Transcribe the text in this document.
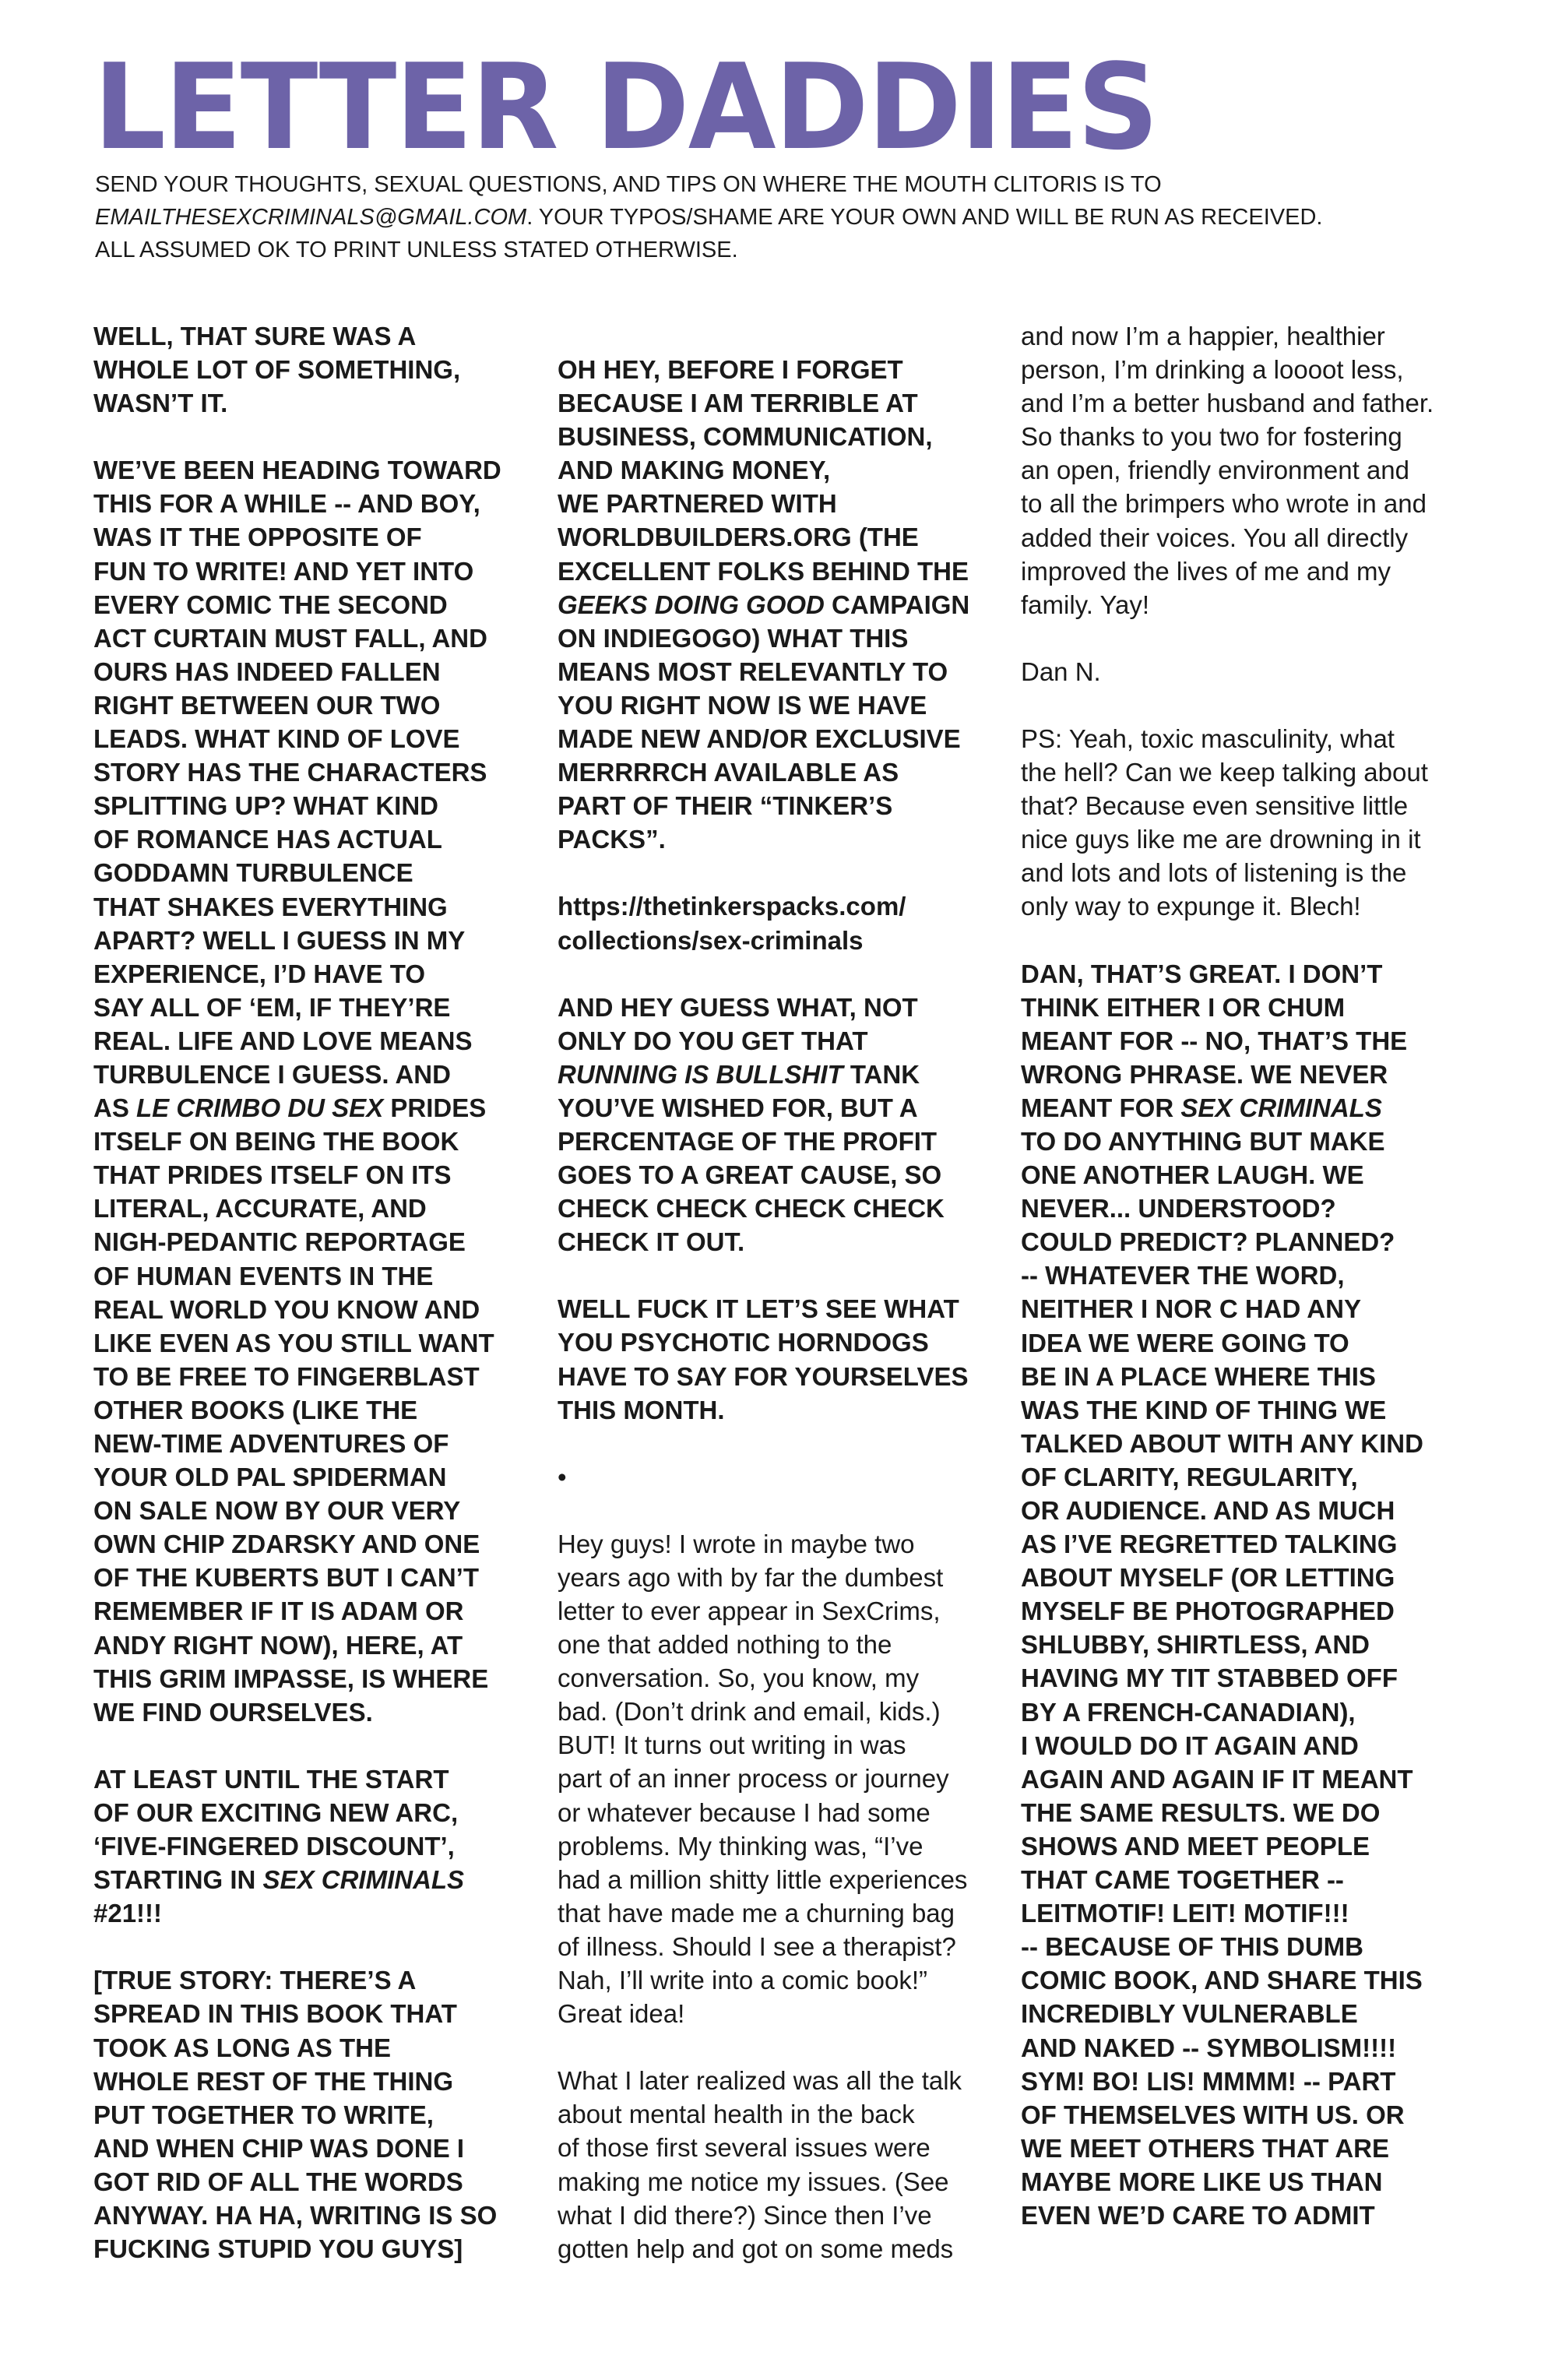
LETTER DADDIES
SEND YOUR THOUGHTS, SEXUAL QUESTIONS, AND TIPS ON WHERE THE MOUTH CLITORIS IS TO
EMAILTHESEXCRIMINALS@GMAIL.COM. YOUR TYPOS/SHAME ARE YOUR OWN AND WILL BE RUN AS RECEIVED.
ALL ASSUMED OK TO PRINT UNLESS STATED OTHERWISE.
WELL, THAT SURE WAS A
WHOLE LOT OF SOMETHING,
WASN’T IT.
WE’VE BEEN HEADING TOWARD
THIS FOR A WHILE -- AND BOY,
WAS IT THE OPPOSITE OF
FUN TO WRITE! AND YET INTO
EVERY COMIC THE SECOND
ACT CURTAIN MUST FALL, AND
OURS HAS INDEED FALLEN
RIGHT BETWEEN OUR TWO
LEADS. WHAT KIND OF LOVE
STORY HAS THE CHARACTERS
SPLITTING UP? WHAT KIND
OF ROMANCE HAS ACTUAL
GODDAMN TURBULENCE
THAT SHAKES EVERYTHING
APART? WELL I GUESS IN MY
EXPERIENCE, I’D HAVE TO
SAY ALL OF ‘EM, IF THEY’RE
REAL. LIFE AND LOVE MEANS
TURBULENCE I GUESS. AND
AS LE CRIMBO DU SEX PRIDES
ITSELF ON BEING THE BOOK
THAT PRIDES ITSELF ON ITS
LITERAL, ACCURATE, AND
NIGH-PEDANTIC REPORTAGE
OF HUMAN EVENTS IN THE
REAL WORLD YOU KNOW AND
LIKE EVEN AS YOU STILL WANT
TO BE FREE TO FINGERBLAST
OTHER BOOKS (LIKE THE
NEW-TIME ADVENTURES OF
YOUR OLD PAL SPIDERMAN
ON SALE NOW BY OUR VERY
OWN CHIP ZDARSKY AND ONE
OF THE KUBERTS BUT I CAN’T
REMEMBER IF IT IS ADAM OR
ANDY RIGHT NOW), HERE, AT
THIS GRIM IMPASSE, IS WHERE
WE FIND OURSELVES.
AT LEAST UNTIL THE START
OF OUR EXCITING NEW ARC,
‘FIVE-FINGERED DISCOUNT’,
STARTING IN SEX CRIMINALS
#21!!!
[TRUE STORY: THERE’S A
SPREAD IN THIS BOOK THAT
TOOK AS LONG AS THE
WHOLE REST OF THE THING
PUT TOGETHER TO WRITE,
AND WHEN CHIP WAS DONE I
GOT RID OF ALL THE WORDS
ANYWAY. HA HA, WRITING IS SO
FUCKING STUPID YOU GUYS]
OH HEY, BEFORE I FORGET
BECAUSE I AM TERRIBLE AT
BUSINESS, COMMUNICATION,
AND MAKING MONEY,
WE PARTNERED WITH
WORLDBUILDERS.ORG (THE
EXCELLENT FOLKS BEHIND THE
GEEKS DOING GOOD CAMPAIGN
ON INDIEGOGO) WHAT THIS
MEANS MOST RELEVANTLY TO
YOU RIGHT NOW IS WE HAVE
MADE NEW AND/OR EXCLUSIVE
MERRRRCH AVAILABLE AS
PART OF THEIR “TINKER’S
PACKS”.
https://thetinkerspacks.com/
collections/sex-criminals
AND HEY GUESS WHAT, NOT
ONLY DO YOU GET THAT
RUNNING IS BULLSHIT TANK
YOU’VE WISHED FOR, BUT A
PERCENTAGE OF THE PROFIT
GOES TO A GREAT CAUSE, SO
CHECK CHECK CHECK CHECK
CHECK IT OUT.
WELL FUCK IT LET’S SEE WHAT
YOU PSYCHOTIC HORNDOGS
HAVE TO SAY FOR YOURSELVES
THIS MONTH.
•
Hey guys! I wrote in maybe two
years ago with by far the dumbest
letter to ever appear in SexCrims,
one that added nothing to the
conversation. So, you know, my
bad. (Don’t drink and email, kids.)
BUT! It turns out writing in was
part of an inner process or journey
or whatever because I had some
problems. My thinking was, “I’ve
had a million shitty little experiences
that have made me a churning bag
of illness. Should I see a therapist?
Nah, I’ll write into a comic book!”
Great idea!
What I later realized was all the talk
about mental health in the back
of those first several issues were
making me notice my issues. (See
what I did there?) Since then I’ve
gotten help and got on some meds
and now I’m a happier, healthier
person, I’m drinking a loooot less,
and I’m a better husband and father.
So thanks to you two for fostering
an open, friendly environment and
to all the brimpers who wrote in and
added their voices. You all directly
improved the lives of me and my
family. Yay!
Dan N.
PS: Yeah, toxic masculinity, what
the hell? Can we keep talking about
that? Because even sensitive little
nice guys like me are drowning in it
and lots and lots of listening is the
only way to expunge it. Blech!
DAN, THAT’S GREAT. I DON’T
THINK EITHER I OR CHUM
MEANT FOR -- NO, THAT’S THE
WRONG PHRASE. WE NEVER
MEANT FOR SEX CRIMINALS
TO DO ANYTHING BUT MAKE
ONE ANOTHER LAUGH. WE
NEVER... UNDERSTOOD?
COULD PREDICT? PLANNED?
-- WHATEVER THE WORD,
NEITHER I NOR C HAD ANY
IDEA WE WERE GOING TO
BE IN A PLACE WHERE THIS
WAS THE KIND OF THING WE
TALKED ABOUT WITH ANY KIND
OF CLARITY, REGULARITY,
OR AUDIENCE. AND AS MUCH
AS I’VE REGRETTED TALKING
ABOUT MYSELF (OR LETTING
MYSELF BE PHOTOGRAPHED
SHLUBBY, SHIRTLESS, AND
HAVING MY TIT STABBED OFF
BY A FRENCH-CANADIAN),
I WOULD DO IT AGAIN AND
AGAIN AND AGAIN IF IT MEANT
THE SAME RESULTS. WE DO
SHOWS AND MEET PEOPLE
THAT CAME TOGETHER --
LEITMOTIF! LEIT! MOTIF!!!
-- BECAUSE OF THIS DUMB
COMIC BOOK, AND SHARE THIS
INCREDIBLY VULNERABLE
AND NAKED -- SYMBOLISM!!!!
SYM! BO! LIS! MMMM! -- PART
OF THEMSELVES WITH US. OR
WE MEET OTHERS THAT ARE
MAYBE MORE LIKE US THAN
EVEN WE’D CARE TO ADMIT
